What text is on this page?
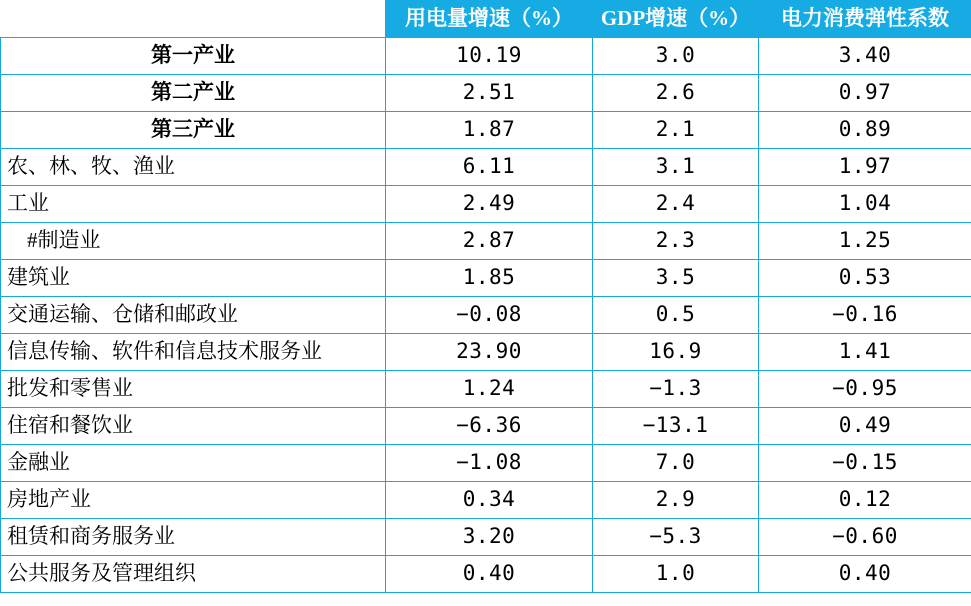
	用电量增速（%）	GDP增速（%）	电力消费弹性系数
第一产业	10.19	3.0	3.40
第二产业	2.51	2.6	0.97
第三产业	1.87	2.1	0.89
农、林、牧、渔业	6.11	3.1	1.97
工业	2.49	2.4	1.04
#制造业	2.87	2.3	1.25
建筑业	1.85	3.5	0.53
交通运输、仓储和邮政业	−0.08	0.5	−0.16
信息传输、软件和信息技术服务业	23.90	16.9	1.41
批发和零售业	1.24	−1.3	−0.95
住宿和餐饮业	−6.36	−13.1	0.49
金融业	−1.08	7.0	−0.15
房地产业	0.34	2.9	0.12
租赁和商务服务业	3.20	−5.3	−0.60
公共服务及管理组织	0.40	1.0	0.40
